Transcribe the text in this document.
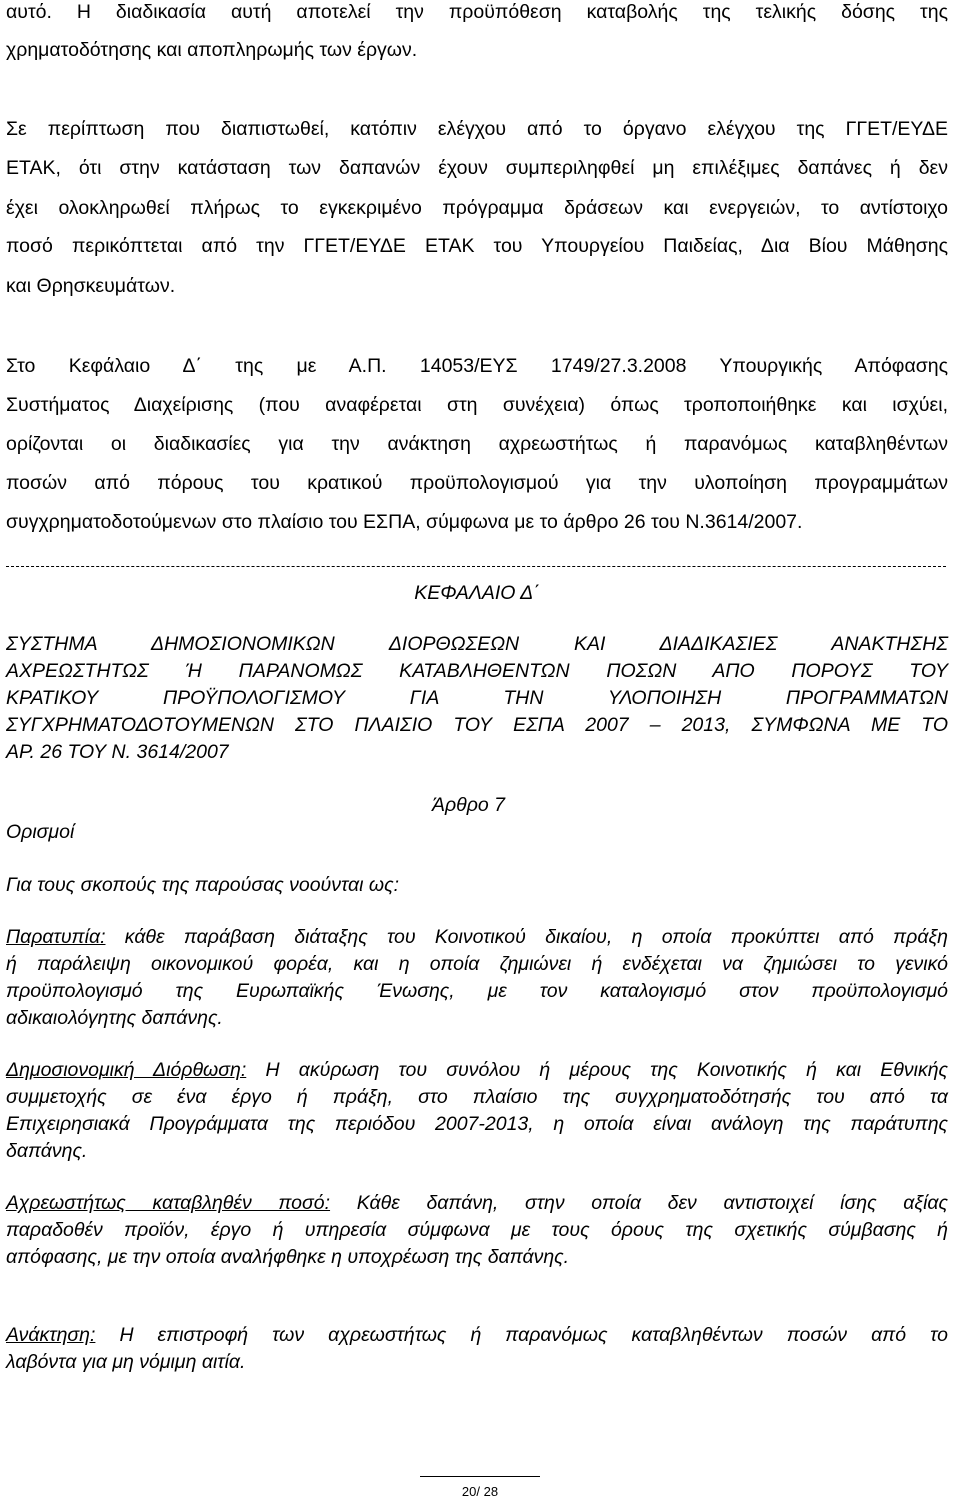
αυτό. Η διαδικασία αυτή αποτελεί την προϋπόθεση καταβολής της τελικής δόσης της
χρηματοδότησης και αποπληρωμής των έργων.
Σε περίπτωση που διαπιστωθεί, κατόπιν ελέγχου από το όργανο ελέγχου της ΓΓΕΤ/ΕΥΔΕ
ΕΤΑΚ, ότι στην κατάσταση των δαπανών έχουν συμπεριληφθεί μη επιλέξιμες δαπάνες ή δεν
έχει ολοκληρωθεί πλήρως το εγκεκριμένο πρόγραμμα δράσεων και ενεργειών, το αντίστοιχο
ποσό περικόπτεται από την ΓΓΕΤ/ΕΥΔΕ ΕΤΑΚ του Υπουργείου Παιδείας, Δια Βίου Μάθησης
και Θρησκευμάτων.
Στο Κεφάλαιο Δ΄ της με Α.Π. 14053/ΕΥΣ 1749/27.3.2008 Υπουργικής Απόφασης
Συστήματος Διαχείρισης (που αναφέρεται στη συνέχεια) όπως τροποποιήθηκε και ισχύει,
ορίζονται οι διαδικασίες για την ανάκτηση αχρεωστήτως ή παρανόμως καταβληθέντων
ποσών από πόρους του κρατικού προϋπολογισμού για την υλοποίηση προγραμμάτων
συγχρηματοδοτούμενων στο πλαίσιο του ΕΣΠΑ, σύμφωνα με το άρθρο 26 του Ν.3614/2007.
ΚΕΦΑΛΑΙΟ Δ΄
ΣΥΣΤΗΜΑ ΔΗΜΟΣΙΟΝΟΜΙΚΩΝ ΔΙΟΡΘΩΣΕΩΝ ΚΑΙ ΔΙΑΔΙΚΑΣΙΕΣ ΑΝΑΚΤΗΣΗΣ
ΑΧΡΕΩΣΤΗΤΩΣ Ή ΠΑΡΑΝΟΜΩΣ ΚΑΤΑΒΛΗΘΕΝΤΩΝ ΠΟΣΩΝ ΑΠΟ ΠΟΡΟΥΣ ΤΟΥ
ΚΡΑΤΙΚΟΥ ΠΡΟΫΠΟΛΟΓΙΣΜΟΥ ΓΙΑ ΤΗΝ ΥΛΟΠΟΙΗΣΗ ΠΡΟΓΡΑΜΜΑΤΩΝ
ΣΥΓΧΡΗΜΑΤΟΔΟΤΟΥΜΕΝΩΝ ΣΤΟ ΠΛΑΙΣΙΟ ΤΟΥ ΕΣΠΑ 2007 – 2013, ΣΥΜΦΩΝΑ ΜΕ ΤΟ
ΑΡ. 26 ΤΟΥ Ν. 3614/2007
Άρθρο 7
Ορισμοί
Για τους σκοπούς της παρούσας νοούνται ως:
Παρατυπία: κάθε παράβαση διάταξης του Κοινοτικού δικαίου, η οποία προκύπτει από πράξη
ή παράλειψη οικονομικού φορέα, και η οποία ζημιώνει ή ενδέχεται να ζημιώσει το γενικό
προϋπολογισμό της Ευρωπαϊκής Ένωσης, με τον καταλογισμό στον προϋπολογισμό
αδικαιολόγητης δαπάνης.
Δημοσιονομική Διόρθωση: Η ακύρωση του συνόλου ή μέρους της Κοινοτικής ή και Εθνικής
συμμετοχής σε ένα έργο ή πράξη, στο πλαίσιο της συγχρηματοδότησής του από τα
Επιχειρησιακά Προγράμματα της περιόδου 2007-2013, η οποία είναι ανάλογη της παράτυπης
δαπάνης.
Αχρεωστήτως καταβληθέν ποσό: Κάθε δαπάνη, στην οποία δεν αντιστοιχεί ίσης αξίας
παραδοθέν προϊόν, έργο ή υπηρεσία σύμφωνα με τους όρους της σχετικής σύμβασης ή
απόφασης, με την οποία αναλήφθηκε η υποχρέωση της δαπάνης.
Ανάκτηση: Η επιστροφή των αχρεωστήτως ή παρανόμως καταβληθέντων ποσών από το
λαβόντα για μη νόμιμη αιτία.
20/ 28
